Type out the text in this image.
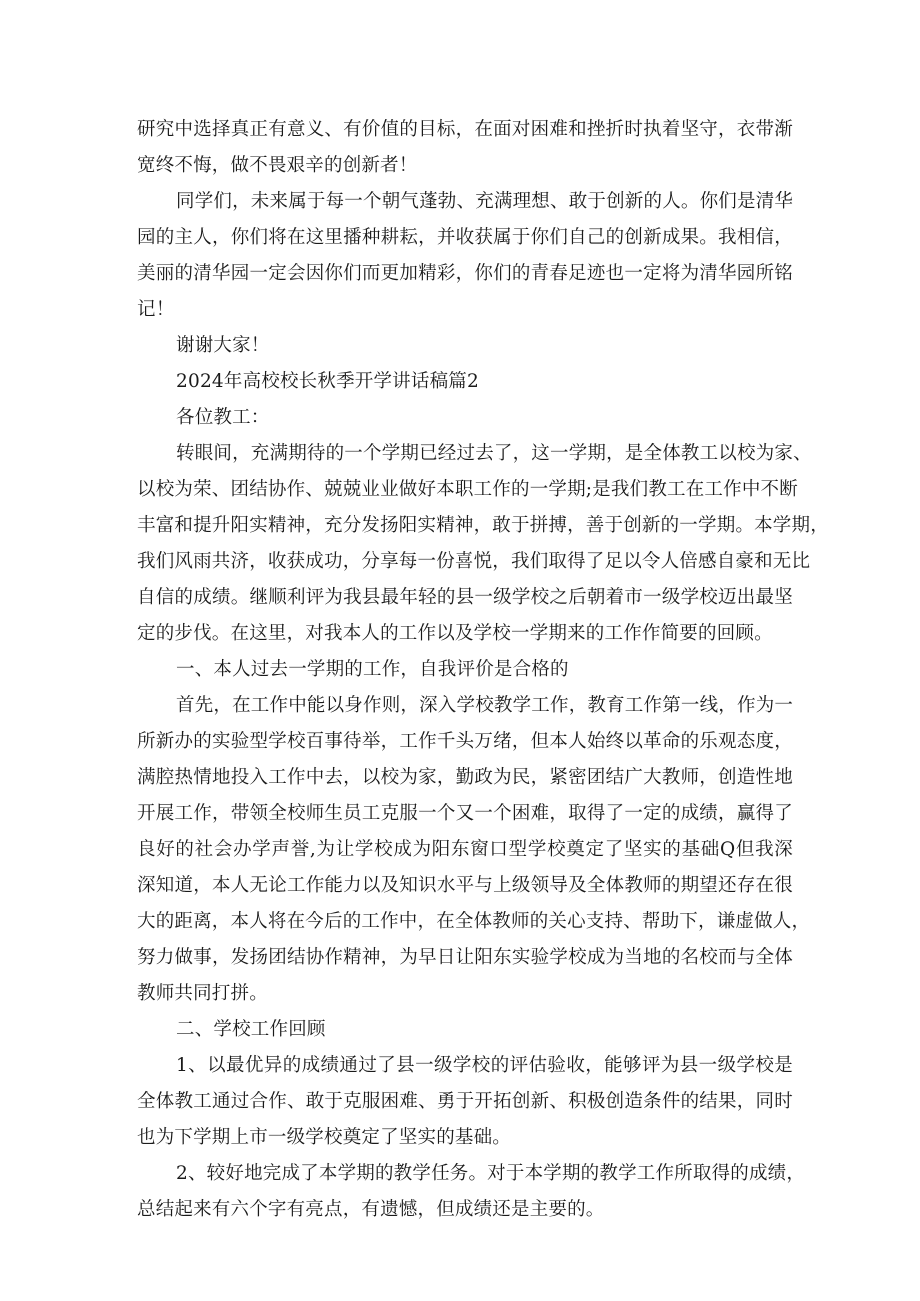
研究中选择真正有意义、有价值的目标，在面对困难和挫折时执着坚守，衣带渐
宽终不悔，做不畏艰辛的创新者！
同学们，未来属于每一个朝气蓬勃、充满理想、敢于创新的人。你们是清华
园的主人，你们将在这里播种耕耘，并收获属于你们自己的创新成果。我相信，
美丽的清华园一定会因你们而更加精彩，你们的青春足迹也一定将为清华园所铭
记！
谢谢大家！
2024年高校校长秋季开学讲话稿篇2
各位教工：
转眼间，充满期待的一个学期已经过去了，这一学期，是全体教工以校为家、
以校为荣、团结协作、兢兢业业做好本职工作的一学期;是我们教工在工作中不断
丰富和提升阳实精神，充分发扬阳实精神，敢于拼搏，善于创新的一学期。本学期，
我们风雨共济，收获成功，分享每一份喜悦，我们取得了足以令人倍感自豪和无比
自信的成绩。继顺利评为我县最年轻的县一级学校之后朝着市一级学校迈出最坚
定的步伐。在这里，对我本人的工作以及学校一学期来的工作作简要的回顾。
一、本人过去一学期的工作，自我评价是合格的
首先，在工作中能以身作则，深入学校教学工作，教育工作第一线，作为一
所新办的实验型学校百事待举，工作千头万绪，但本人始终以革命的乐观态度，
满腔热情地投入工作中去，以校为家，勤政为民，紧密团结广大教师，创造性地
开展工作，带领全校师生员工克服一个又一个困难，取得了一定的成绩，赢得了
良好的社会办学声誉,为让学校成为阳东窗口型学校奠定了坚实的基础Q但我深
深知道，本人无论工作能力以及知识水平与上级领导及全体教师的期望还存在很
大的距离，本人将在今后的工作中，在全体教师的关心支持、帮助下，谦虚做人，
努力做事，发扬团结协作精神，为早日让阳东实验学校成为当地的名校而与全体
教师共同打拼。
二、学校工作回顾
1、以最优异的成绩通过了县一级学校的评估验收，能够评为县一级学校是
全体教工通过合作、敢于克服困难、勇于开拓创新、积极创造条件的结果，同时
也为下学期上市一级学校奠定了坚实的基础。
2、较好地完成了本学期的教学任务。对于本学期的教学工作所取得的成绩，
总结起来有六个字有亮点，有遗憾，但成绩还是主要的。
